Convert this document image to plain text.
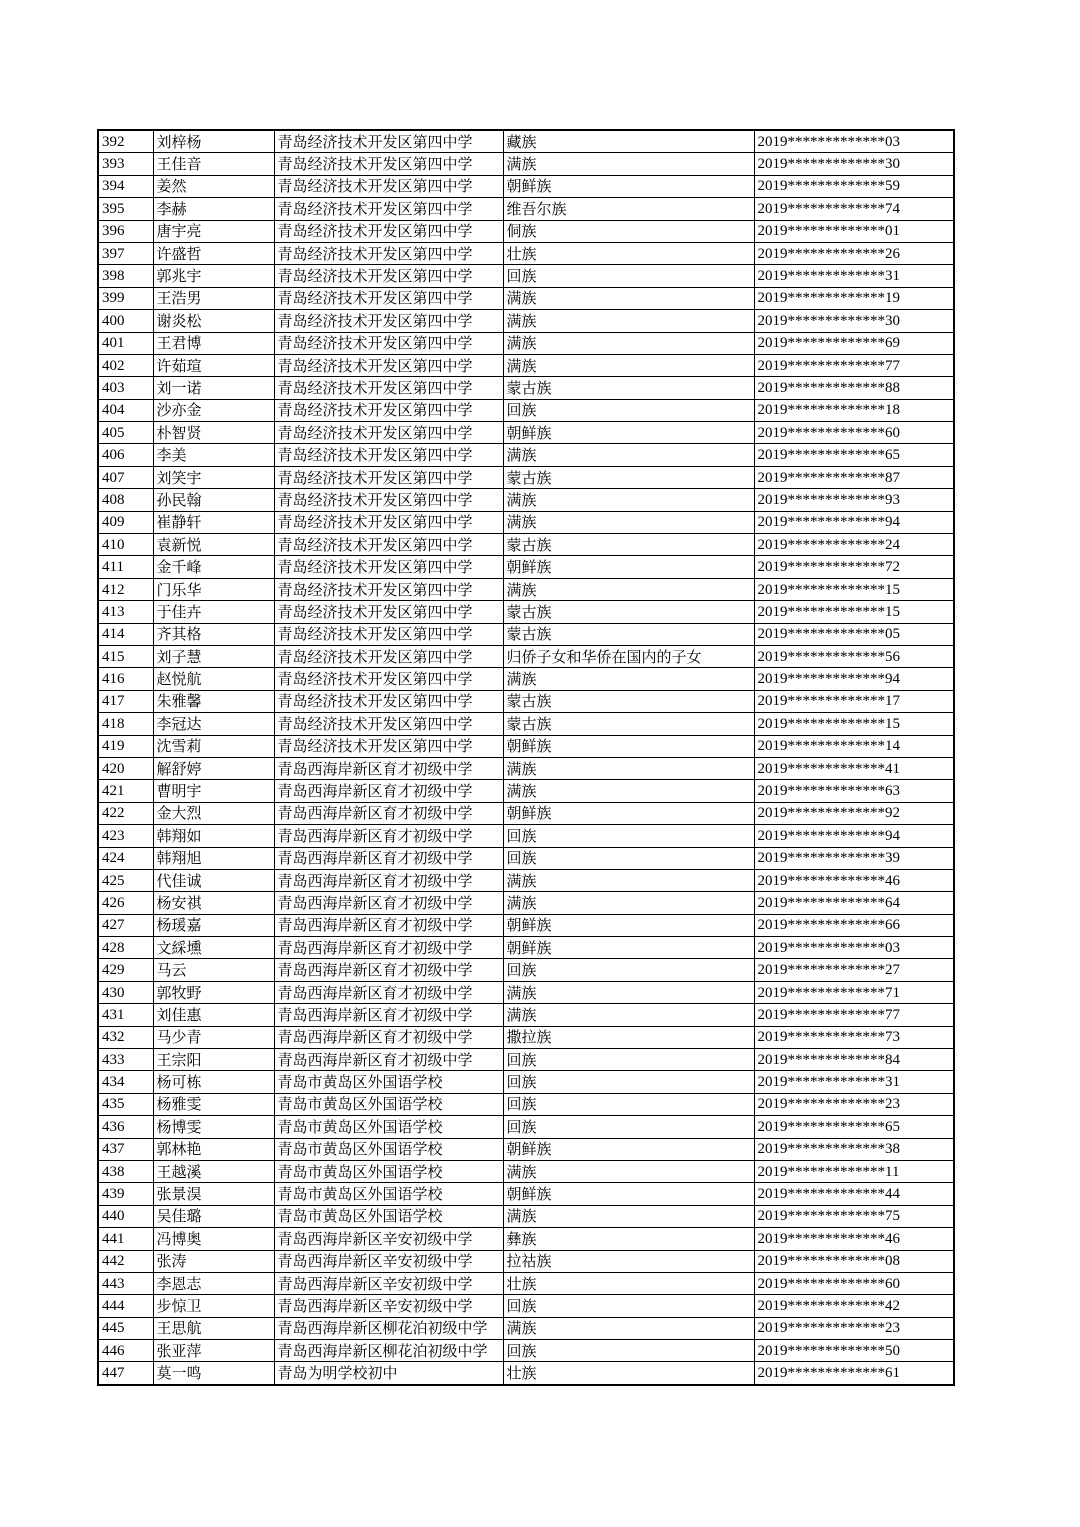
392	刘梓杨	青岛经济技术开发区第四中学	藏族	2019*************03
393	王佳音	青岛经济技术开发区第四中学	满族	2019*************30
394	姜然	青岛经济技术开发区第四中学	朝鲜族	2019*************59
395	李赫	青岛经济技术开发区第四中学	维吾尔族	2019*************74
396	唐宇亮	青岛经济技术开发区第四中学	侗族	2019*************01
397	许盛哲	青岛经济技术开发区第四中学	壮族	2019*************26
398	郭兆宇	青岛经济技术开发区第四中学	回族	2019*************31
399	王浩男	青岛经济技术开发区第四中学	满族	2019*************19
400	谢炎松	青岛经济技术开发区第四中学	满族	2019*************30
401	王君博	青岛经济技术开发区第四中学	满族	2019*************69
402	许茹瑄	青岛经济技术开发区第四中学	满族	2019*************77
403	刘一诺	青岛经济技术开发区第四中学	蒙古族	2019*************88
404	沙亦金	青岛经济技术开发区第四中学	回族	2019*************18
405	朴智贤	青岛经济技术开发区第四中学	朝鲜族	2019*************60
406	李美	青岛经济技术开发区第四中学	满族	2019*************65
407	刘笑宇	青岛经济技术开发区第四中学	蒙古族	2019*************87
408	孙民翰	青岛经济技术开发区第四中学	满族	2019*************93
409	崔静轩	青岛经济技术开发区第四中学	满族	2019*************94
410	袁新悦	青岛经济技术开发区第四中学	蒙古族	2019*************24
411	金千峰	青岛经济技术开发区第四中学	朝鲜族	2019*************72
412	门乐华	青岛经济技术开发区第四中学	满族	2019*************15
413	于佳卉	青岛经济技术开发区第四中学	蒙古族	2019*************15
414	齐其格	青岛经济技术开发区第四中学	蒙古族	2019*************05
415	刘子慧	青岛经济技术开发区第四中学	归侨子女和华侨在国内的子女	2019*************56
416	赵悦航	青岛经济技术开发区第四中学	满族	2019*************94
417	朱雅馨	青岛经济技术开发区第四中学	蒙古族	2019*************17
418	李冠达	青岛经济技术开发区第四中学	蒙古族	2019*************15
419	沈雪莉	青岛经济技术开发区第四中学	朝鲜族	2019*************14
420	解舒婷	青岛西海岸新区育才初级中学	满族	2019*************41
421	曹明宇	青岛西海岸新区育才初级中学	满族	2019*************63
422	金大烈	青岛西海岸新区育才初级中学	朝鲜族	2019*************92
423	韩翔如	青岛西海岸新区育才初级中学	回族	2019*************94
424	韩翔旭	青岛西海岸新区育才初级中学	回族	2019*************39
425	代佳诚	青岛西海岸新区育才初级中学	满族	2019*************46
426	杨安祺	青岛西海岸新区育才初级中学	满族	2019*************64
427	杨瑗嘉	青岛西海岸新区育才初级中学	朝鲜族	2019*************66
428	文綵壎	青岛西海岸新区育才初级中学	朝鲜族	2019*************03
429	马云	青岛西海岸新区育才初级中学	回族	2019*************27
430	郭牧野	青岛西海岸新区育才初级中学	满族	2019*************71
431	刘佳惠	青岛西海岸新区育才初级中学	满族	2019*************77
432	马少青	青岛西海岸新区育才初级中学	撒拉族	2019*************73
433	王宗阳	青岛西海岸新区育才初级中学	回族	2019*************84
434	杨可栋	青岛市黄岛区外国语学校	回族	2019*************31
435	杨雅雯	青岛市黄岛区外国语学校	回族	2019*************23
436	杨博雯	青岛市黄岛区外国语学校	回族	2019*************65
437	郭林艳	青岛市黄岛区外国语学校	朝鲜族	2019*************38
438	王越溪	青岛市黄岛区外国语学校	满族	2019*************11
439	张景淏	青岛市黄岛区外国语学校	朝鲜族	2019*************44
440	吴佳璐	青岛市黄岛区外国语学校	满族	2019*************75
441	冯博奥	青岛西海岸新区辛安初级中学	彝族	2019*************46
442	张涛	青岛西海岸新区辛安初级中学	拉祜族	2019*************08
443	李恩志	青岛西海岸新区辛安初级中学	壮族	2019*************60
444	步惊卫	青岛西海岸新区辛安初级中学	回族	2019*************42
445	王思航	青岛西海岸新区柳花泊初级中学	满族	2019*************23
446	张亚萍	青岛西海岸新区柳花泊初级中学	回族	2019*************50
447	莫一鸣	青岛为明学校初中	壮族	2019*************61
